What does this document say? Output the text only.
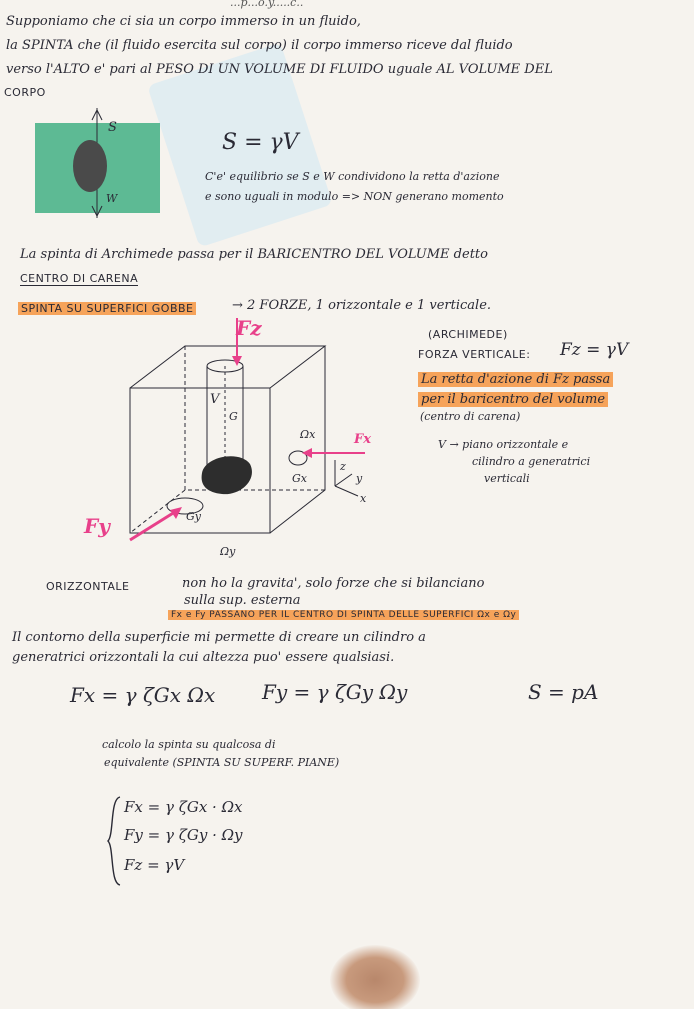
...p...o.y.....c..
Supponiamo che ci sia un corpo immerso in un fluido,
la SPINTA che (il fluido esercita sul corpo) il corpo immerso riceve dal fluido
verso l'ALTO e' pari al PESO DI UN VOLUME DI FLUIDO uguale AL VOLUME DEL
CORPO
S
W
S = γV
C'e' equilibrio se S e W condividono la retta d'azione
e sono uguali in modulo => NON generano momento
La spinta di Archimede passa per il BARICENTRO DEL VOLUME detto
CENTRO DI CARENA
SPINTA SU SUPERFICI GOBBE	→ 2 FORZE, 1 orizzontale e 1 verticale.
Fz
Fx
Fy
V
G
Ωx
Gx
Gy
Ωy
z
x
y
(ARCHIMEDE)
FORZA VERTICALE: Fz = γV
La retta d'azione di Fz passa
per il baricentro del volume
(centro di carena)
V → piano orizzontale e
cilindro a generatrici
verticali
ORIZZONTALE	non ho la gravita', solo forze che si bilanciano
sulla sup. esterna
Fx e Fy PASSANO PER IL CENTRO DI SPINTA DELLE SUPERFICI Ωx e Ωy
Il contorno della superficie mi permette di creare un cilindro a
generatrici orizzontali la cui altezza puo' essere qualsiasi.
Fx = γ ζGx Ωx Fy = γ ζGy Ωy	S = pA
calcolo la spinta su qualcosa di
equivalente (SPINTA SU SUPERF. PIANE)
Fx = γ ζGx · Ωx
Fy = γ ζGy · Ωy
Fz = γV
